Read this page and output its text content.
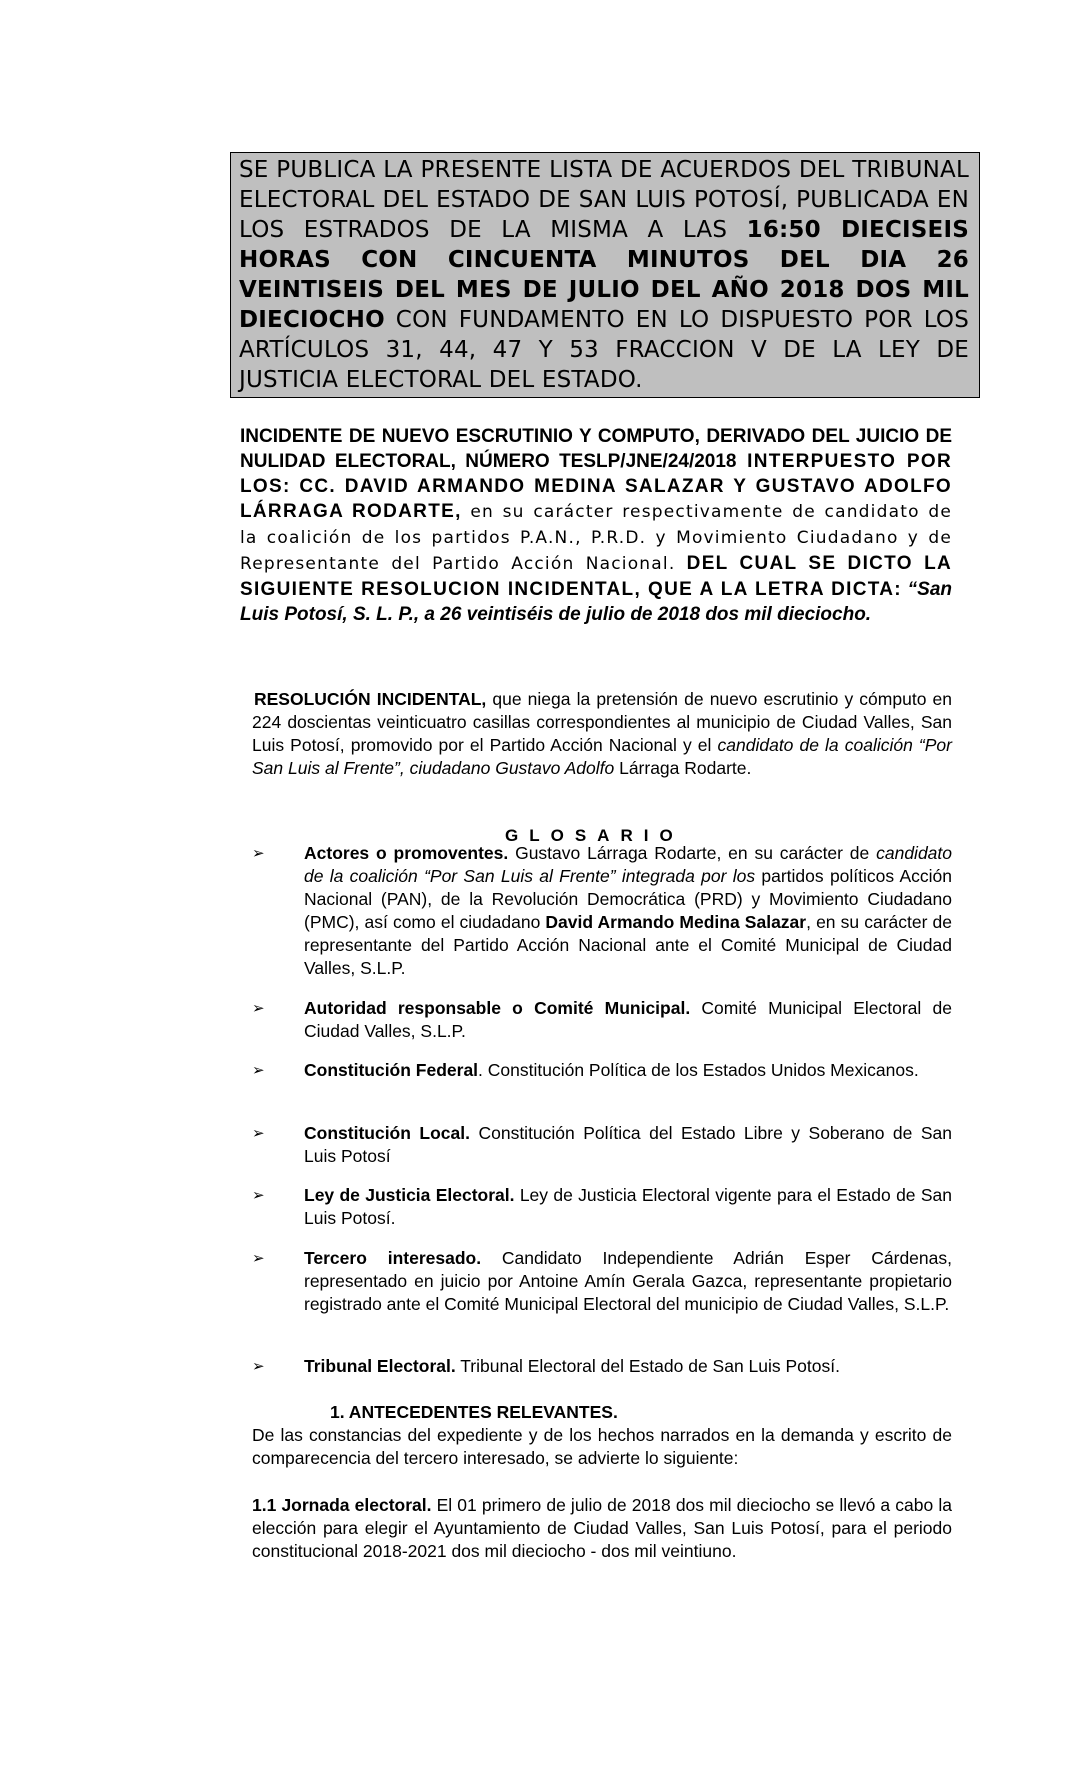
SE PUBLICA LA PRESENTE LISTA DE ACUERDOS DEL TRIBUNAL ELECTORAL DEL ESTADO DE SAN LUIS POTOSÍ, PUBLICADA EN LOS ESTRADOS DE LA MISMA A LAS 16:50 DIECISEIS HORAS CON CINCUENTA MINUTOS DEL DIA 26 VEINTISEIS DEL MES DE JULIO DEL AÑO 2018 DOS MIL DIECIOCHO CON FUNDAMENTO EN LO DISPUESTO POR LOS ARTÍCULOS 31, 44, 47 Y 53 FRACCION V DE LA LEY DE JUSTICIA ELECTORAL DEL ESTADO.
INCIDENTE DE NUEVO ESCRUTINIO Y COMPUTO, DERIVADO DEL JUICIO DE NULIDAD ELECTORAL, NÚMERO TESLP/JNE/24/2018 INTERPUESTO POR LOS: CC. DAVID ARMANDO MEDINA SALAZAR Y GUSTAVO ADOLFO LÁRRAGA RODARTE, en su carácter respectivamente de candidato de la coalición de los partidos P.A.N., P.R.D. y Movimiento Ciudadano y de Representante del Partido Acción Nacional. DEL CUAL SE DICTO LA SIGUIENTE RESOLUCION INCIDENTAL, QUE A LA LETRA DICTA: “San Luis Potosí, S. L. P., a 26 veintiséis de julio de 2018 dos mil dieciocho.
RESOLUCIÓN INCIDENTAL, que niega la pretensión de nuevo escrutinio y cómputo en 224 doscientas veinticuatro casillas correspondientes al municipio de Ciudad Valles, San Luis Potosí, promovido por el Partido Acción Nacional y el candidato de la coalición “Por San Luis al Frente”, ciudadano Gustavo Adolfo Lárraga Rodarte.
GLOSARIO
➢	Actores o promoventes. Gustavo Lárraga Rodarte, en su carácter de candidato de la coalición “Por San Luis al Frente” integrada por los partidos políticos Acción Nacional (PAN), de la Revolución Democrática (PRD) y Movimiento Ciudadano (PMC), así como el ciudadano David Armando Medina Salazar, en su carácter de representante del Partido Acción Nacional ante el Comité Municipal de Ciudad Valles, S.L.P.
➢	Autoridad responsable o Comité Municipal. Comité Municipal Electoral de Ciudad Valles, S.L.P.
➢	Constitución Federal. Constitución Política de los Estados Unidos Mexicanos.
➢	Constitución Local. Constitución Política del Estado Libre y Soberano de San Luis Potosí
➢	Ley de Justicia Electoral. Ley de Justicia Electoral vigente para el Estado de San Luis Potosí.
➢	Tercero interesado. Candidato Independiente Adrián Esper Cárdenas, representado en juicio por Antoine Amín Gerala Gazca, representante propietario registrado ante el Comité Municipal Electoral del municipio de Ciudad Valles, S.L.P.
➢	Tribunal Electoral. Tribunal Electoral del Estado de San Luis Potosí.
1. ANTECEDENTES RELEVANTES.
De las constancias del expediente y de los hechos narrados en la demanda y escrito de comparecencia del tercero interesado, se advierte lo siguiente:
1.1 Jornada electoral. El 01 primero de julio de 2018 dos mil dieciocho se llevó a cabo la elección para elegir el Ayuntamiento de Ciudad Valles, San Luis Potosí, para el periodo constitucional 2018-2021 dos mil dieciocho - dos mil veintiuno.
